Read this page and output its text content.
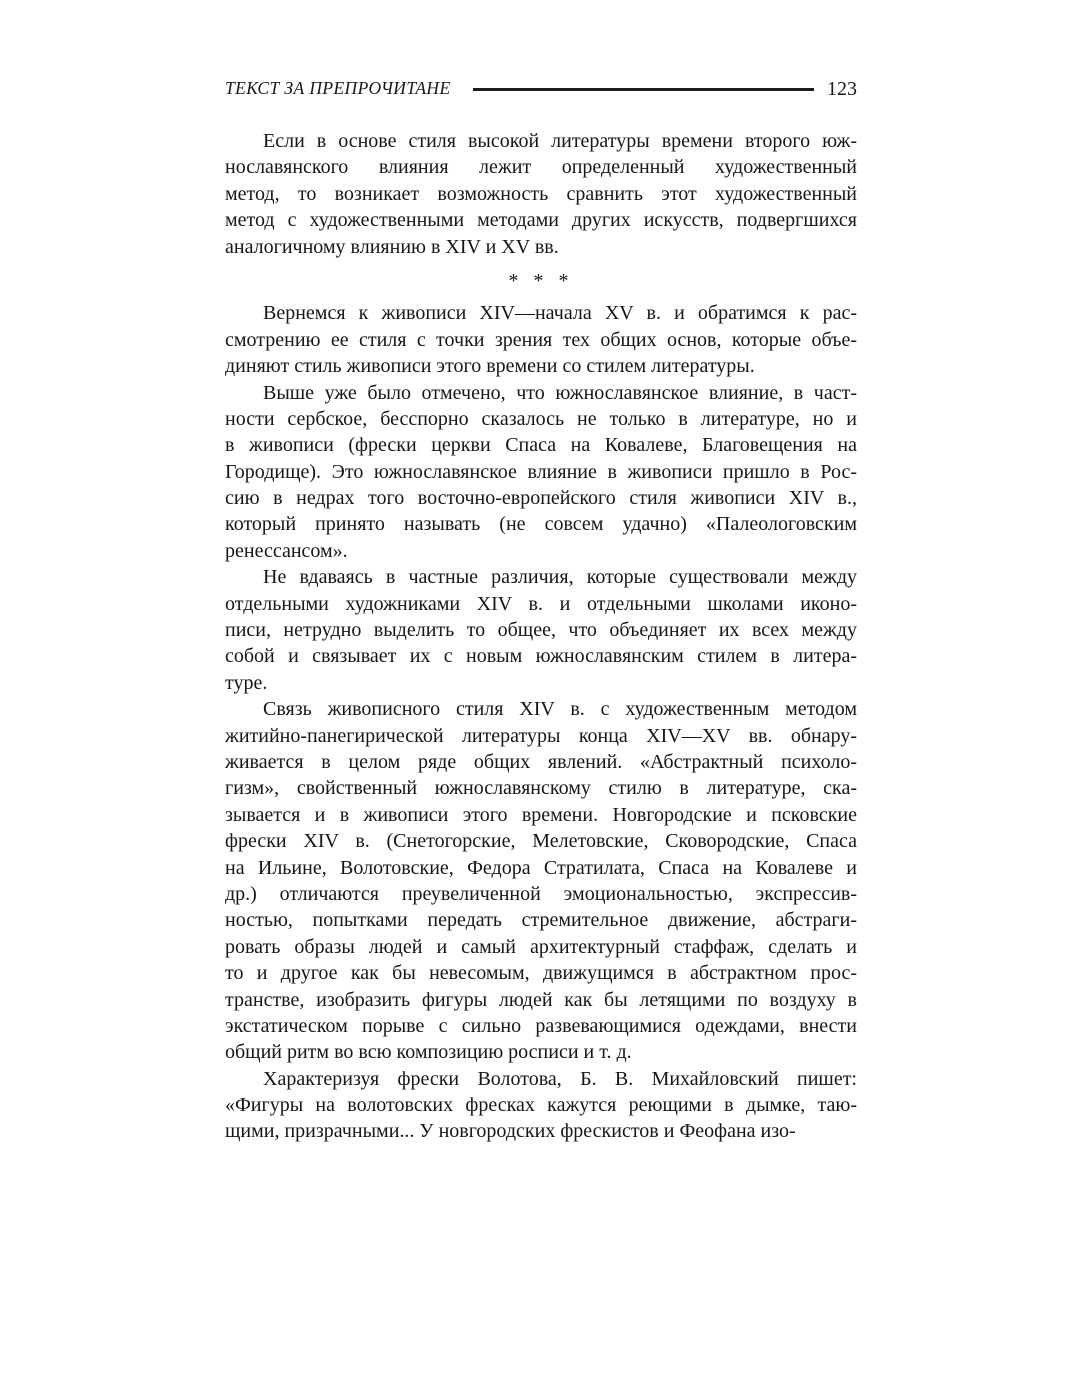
ТЕКСТ ЗА ПРЕПРОЧИТАНЕ	123
Если в основе стиля высокой литературы времени второго юж-
нославянского влияния лежит определенный художественный
метод, то возникает возможность сравнить этот художественный
метод с художественными методами других искусств, подвергшихся
аналогичному влиянию в XIV и XV вв.
* * *
Вернемся к живописи XIV—начала XV в. и обратимся к рас-
смотрению ее стиля с точки зрения тех общих основ, которые объе-
диняют стиль живописи этого времени со стилем литературы.
Выше уже было отмечено, что южнославянское влияние, в част-
ности сербское, бесспорно сказалось не только в литературе, но и
в живописи (фрески церкви Спаса на Ковалеве, Благовещения на
Городище). Это южнославянское влияние в живописи пришло в Рос-
сию в недрах того восточно-европейского стиля живописи XIV в.,
который принято называть (не совсем удачно) «Палеологовским
ренессансом».
Не вдаваясь в частные различия, которые существовали между
отдельными художниками XIV в. и отдельными школами иконо-
писи, нетрудно выделить то общее, что объединяет их всех между
собой и связывает их с новым южнославянским стилем в литера-
туре.
Связь живописного стиля XIV в. с художественным методом
житийно-панегирической литературы конца XIV—XV вв. обнару-
живается в целом ряде общих явлений. «Абстрактный психоло-
гизм», свойственный южнославянскому стилю в литературе, ска-
зывается и в живописи этого времени. Новгородские и псковские
фрески XIV в. (Снетогорские, Мелетовские, Сковородские, Спаса
на Ильине, Волотовские, Федора Стратилата, Спаса на Ковалеве и
др.) отличаются преувеличенной эмоциональностью, экспрессив-
ностью, попытками передать стремительное движение, абстраги-
ровать образы людей и самый архитектурный стаффаж, сделать и
то и другое как бы невесомым, движущимся в абстрактном прос-
транстве, изобразить фигуры людей как бы летящими по воздуху в
экстатическом порыве с сильно развевающимися одеждами, внести
общий ритм во всю композицию росписи и т. д.
Характеризуя фрески Волотова, Б. В. Михайловский пишет:
«Фигуры на волотовских фресках кажутся реющими в дымке, таю-
щими, призрачными... У новгородских фрескистов и Феофана изо-
